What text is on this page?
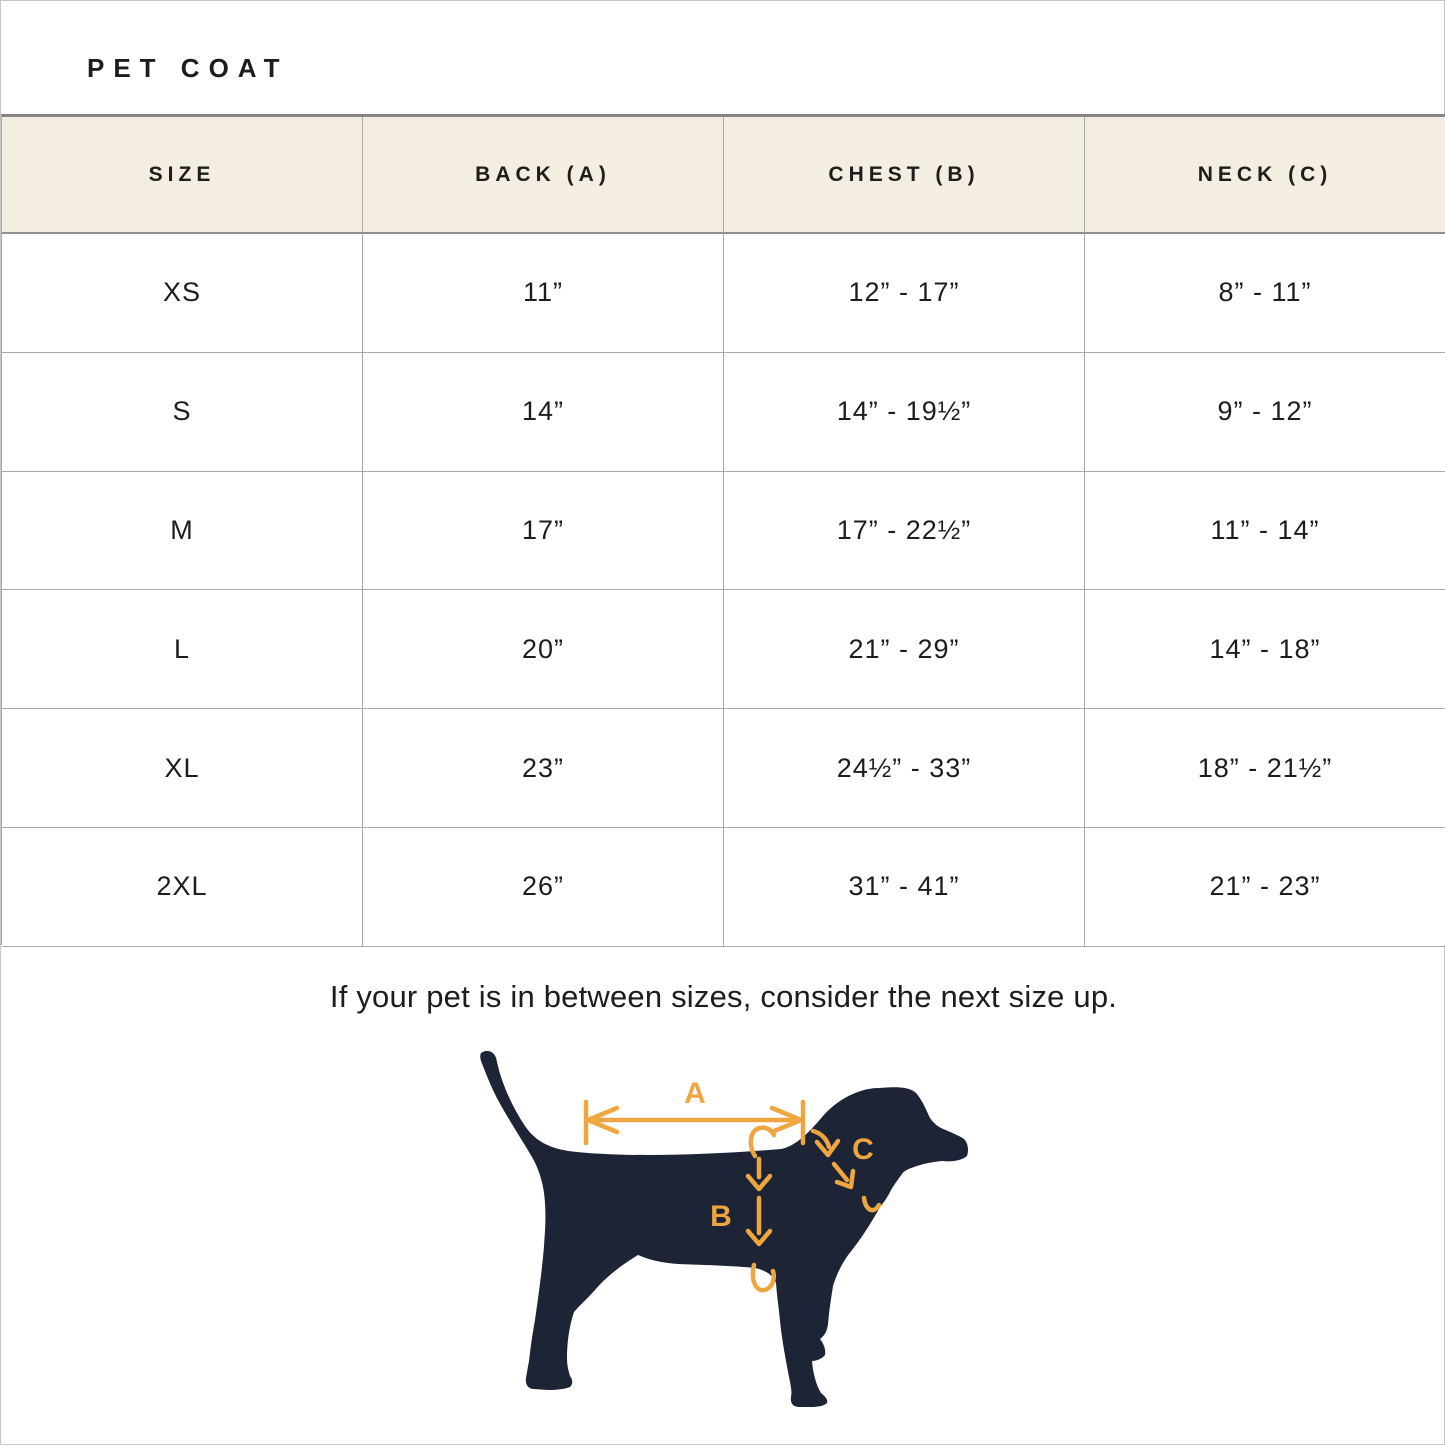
PET COAT
SIZE	BACK (A)	CHEST (B)	NECK (C)
XS	11”	12” - 17”	8” - 11”
S	14”	14” - 19½”	9” - 12”
M	17”	17” - 22½”	11” - 14”
L	20”	21” - 29”	14” - 18”
XL	23”	24½” - 33”	18” - 21½”
2XL	26”	31” - 41”	21” - 23”
If your pet is in between sizes, consider the next size up.
A
B
C
